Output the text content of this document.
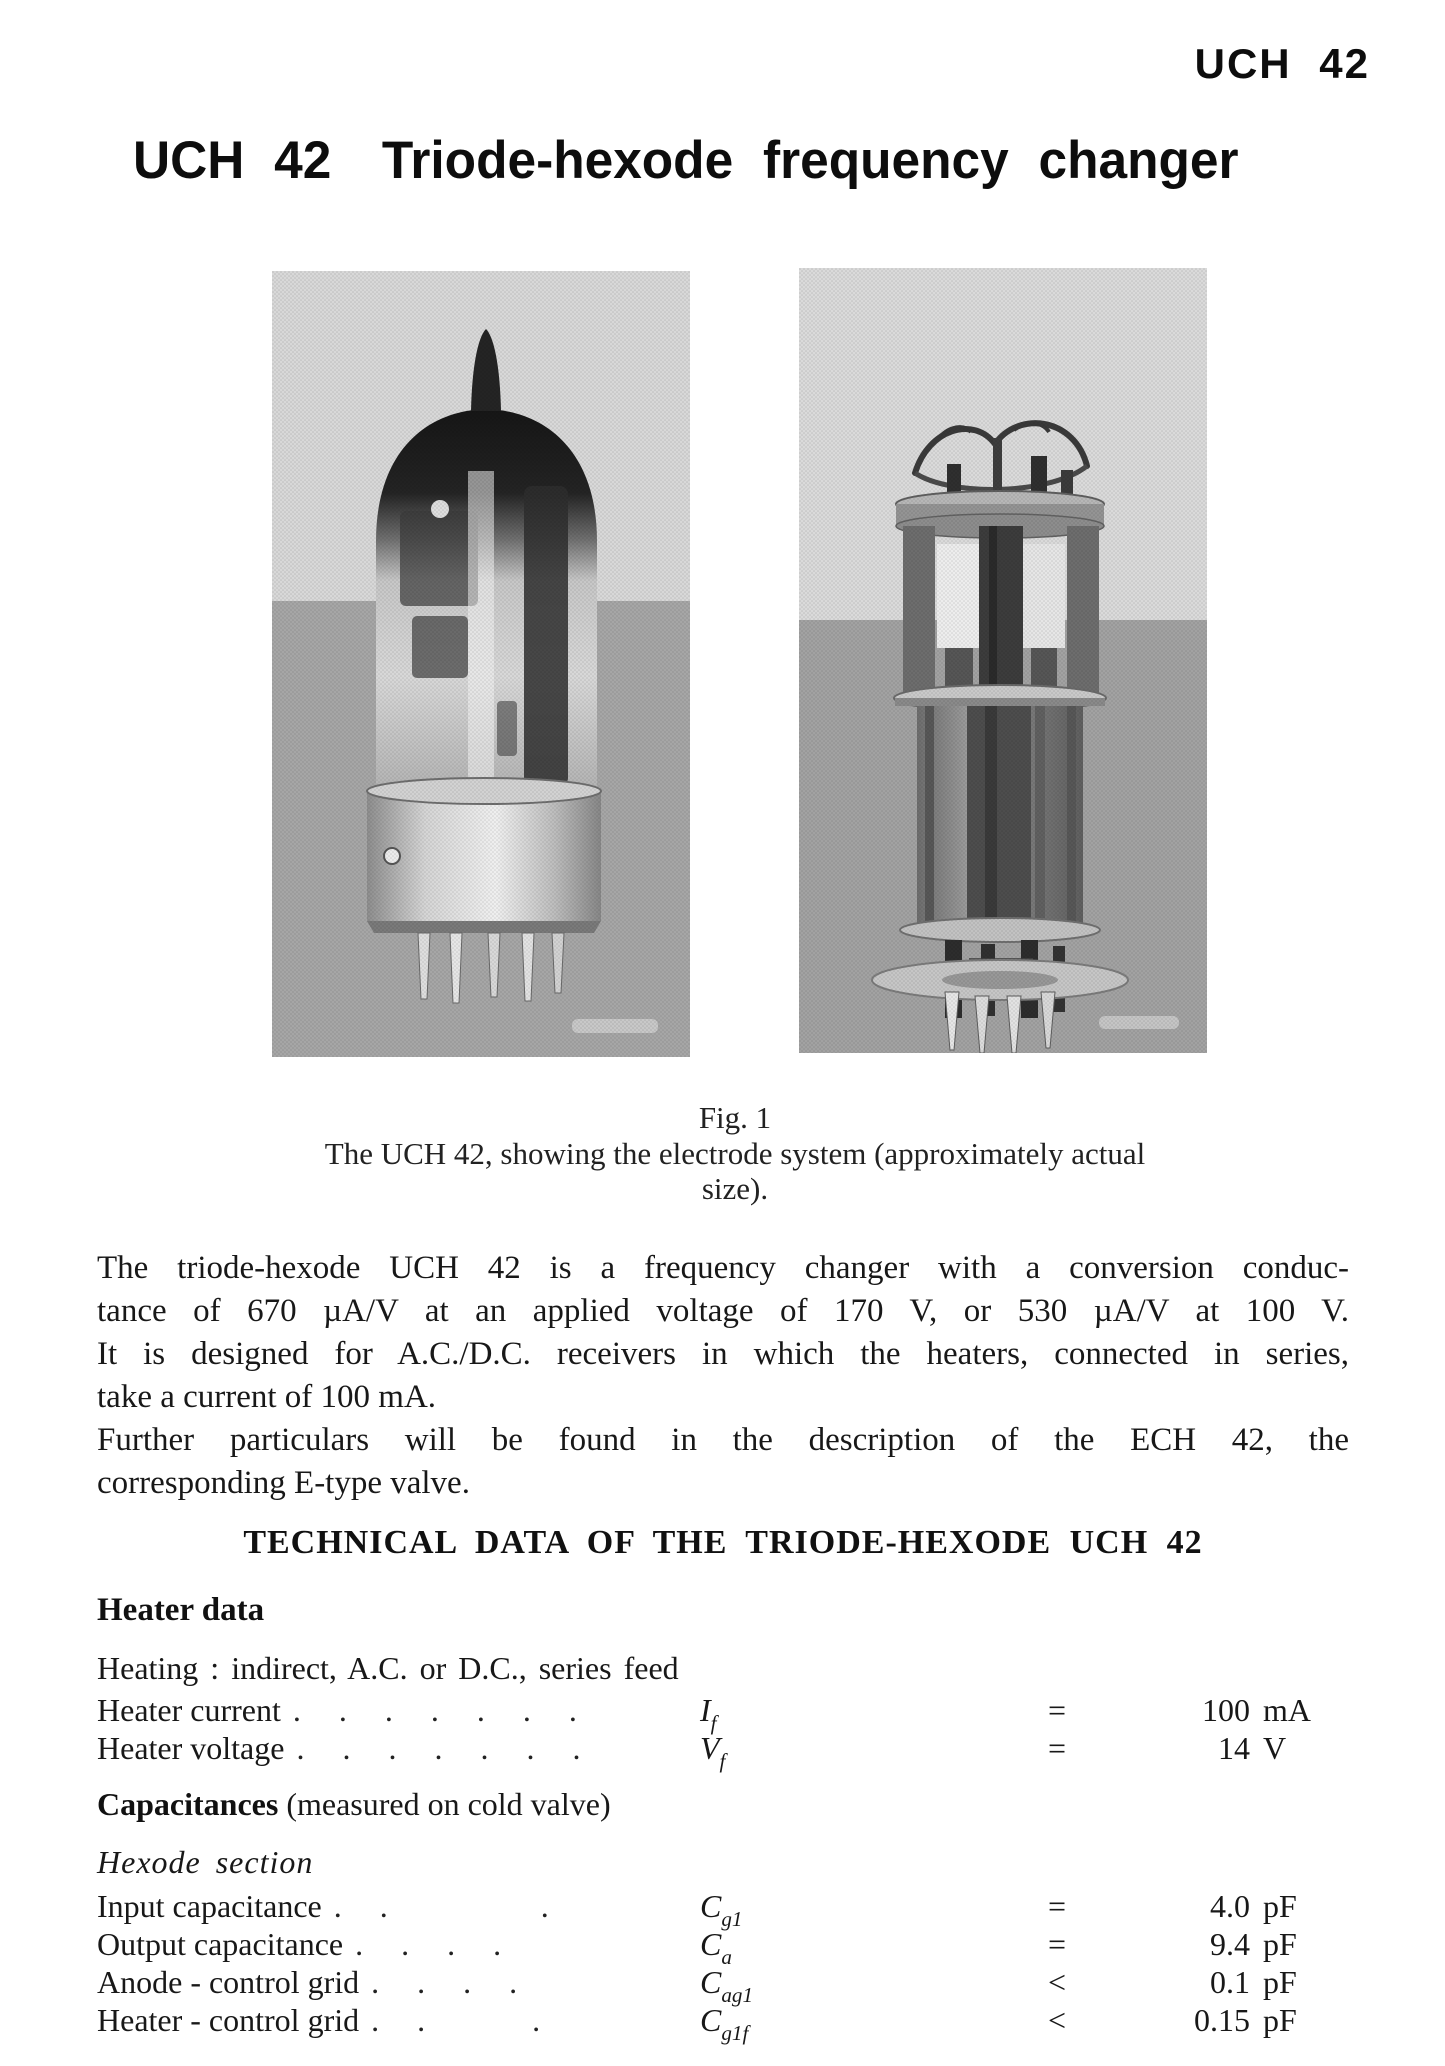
UCH 42
UCH 42 Triode-hexode frequency changer
Fig. 1
The UCH 42, showing the electrode system (approximately actual
size).
The triode-hexode UCH 42 is a frequency changer with a conversion conduc-
tance of 670 µA/V at an applied voltage of 170 V, or 530 µA/V at 100 V.
It is designed for A.C./D.C. receivers in which the heaters, connected in series,
take a current of 100 mA.
Further particulars will be found in the description of the ECH 42, the
corresponding E-type valve.
TECHNICAL DATA OF THE TRIODE-HEXODE UCH 42
Heater data
Heating : indirect, A.C. or D.C., series feed
Heater current . . . . . . .	$I_f$	=	100 mA
Heater voltage . . . . . . .	$V_f$	=	14 V
Capacitances (measured on cold valve)
Hexode section
Input capacitance . .      .	$C_{g1}$	=	4.0 pF
Output capacitance . . . .	$C_a$	=	9.4 pF
Anode - control grid . . . .	$C_{ag1}$	<	0.1 pF
Heater - control grid . .    .	$C_{g1f}$	<	0.15 pF
